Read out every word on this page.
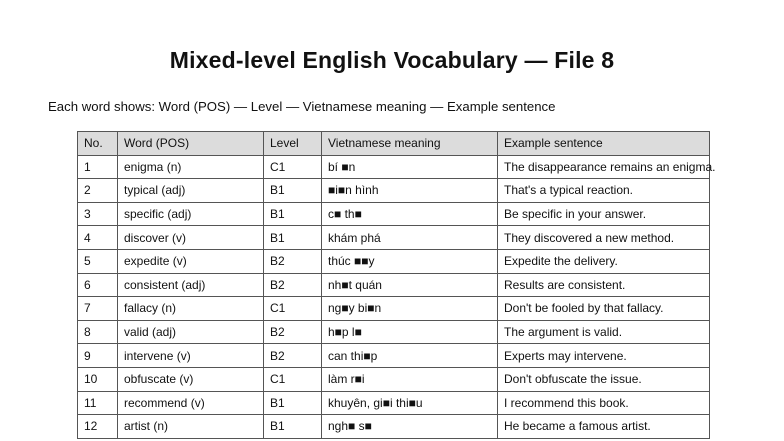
Mixed-level English Vocabulary — File 8
Each word shows: Word (POS) — Level — Vietnamese meaning — Example sentence
No.	Word (POS)	Level	Vietnamese meaning	Example sentence
1	enigma (n)	C1	bí ■n	The disappearance remains an enigma.
2	typical (adj)	B1	■i■n hình	That's a typical reaction.
3	specific (adj)	B1	c■ th■	Be specific in your answer.
4	discover (v)	B1	khám phá	They discovered a new method.
5	expedite (v)	B2	thúc ■■y	Expedite the delivery.
6	consistent (adj)	B2	nh■t quán	Results are consistent.
7	fallacy (n)	C1	ng■y bi■n	Don't be fooled by that fallacy.
8	valid (adj)	B2	h■p l■	The argument is valid.
9	intervene (v)	B2	can thi■p	Experts may intervene.
10	obfuscate (v)	C1	làm r■i	Don't obfuscate the issue.
11	recommend (v)	B1	khuyên, gi■i thi■u	I recommend this book.
12	artist (n)	B1	ngh■ s■	He became a famous artist.
